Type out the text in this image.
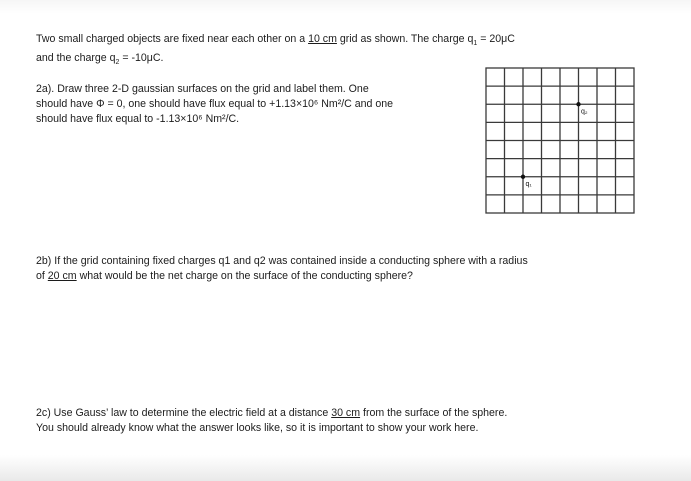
Two small charged objects are fixed near each other on a 10 cm grid as shown. The charge $q_1 = 20\mu C$
and the charge $q_2 = -10\mu C$.
2a). Draw three 2-D gaussian surfaces on the grid and label them. One
should have Φ = 0, one should have flux equal to +1.13×10⁶ Nm²/C and one
should have flux equal to -1.13×10⁶ Nm²/C.
q₁
q₂
2b) If the grid containing fixed charges q1 and q2 was contained inside a conducting sphere with a radius
of 20 cm what would be the net charge on the surface of the conducting sphere?
2c) Use Gauss’ law to determine the electric field at a distance 30 cm from the surface of the sphere.
You should already know what the answer looks like, so it is important to show your work here.
